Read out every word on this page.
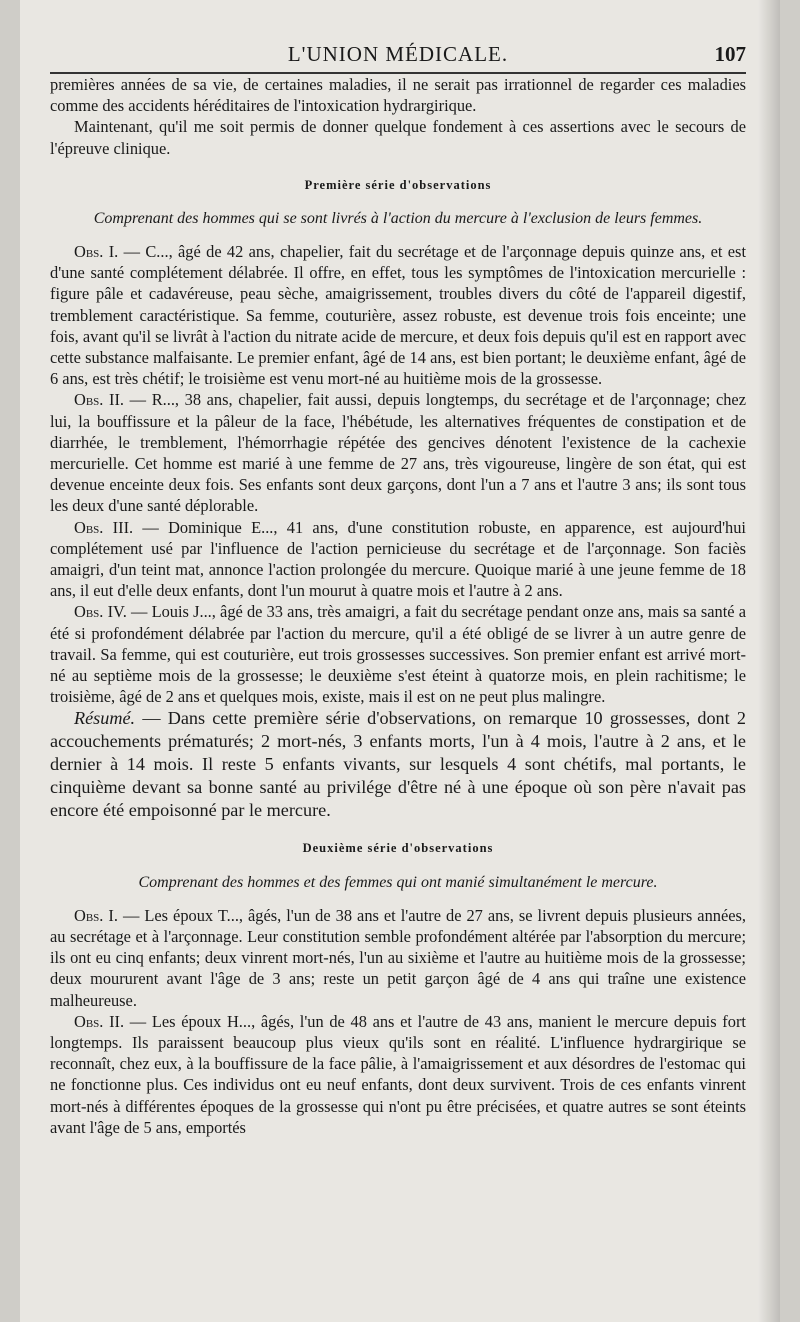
L'UNION MÉDICALE.	107

premières années de sa vie, de certaines maladies, il ne serait pas irrationnel de regarder ces maladies comme des accidents héréditaires de l'intoxication hydrargirique.

Maintenant, qu'il me soit permis de donner quelque fondement à ces assertions avec le secours de l'épreuve clinique.

Première série d'observations
Comprenant des hommes qui se sont livrés à l'action du mercure à l'exclusion de leurs femmes.

Obs. I. — C..., âgé de 42 ans, chapelier, fait du secrétage et de l'arçonnage depuis quinze ans, et est d'une santé complétement délabrée. Il offre, en effet, tous les symptômes de l'intoxication mercurielle : figure pâle et cadavéreuse, peau sèche, amaigrissement, troubles divers du côté de l'appareil digestif, tremblement caractéristique. Sa femme, couturière, assez robuste, est devenue trois fois enceinte; une fois, avant qu'il se livrât à l'action du nitrate acide de mercure, et deux fois depuis qu'il est en rapport avec cette substance malfaisante. Le premier enfant, âgé de 14 ans, est bien portant; le deuxième enfant, âgé de 6 ans, est très chétif; le troisième est venu mort-né au huitième mois de la grossesse.

Obs. II. — R..., 38 ans, chapelier, fait aussi, depuis longtemps, du secrétage et de l'arçonnage; chez lui, la bouffissure et la pâleur de la face, l'hébétude, les alternatives fréquentes de constipation et de diarrhée, le tremblement, l'hémorrhagie répétée des gencives dénotent l'existence de la cachexie mercurielle. Cet homme est marié à une femme de 27 ans, très vigoureuse, lingère de son état, qui est devenue enceinte deux fois. Ses enfants sont deux garçons, dont l'un a 7 ans et l'autre 3 ans; ils sont tous les deux d'une santé déplorable.

Obs. III. — Dominique E..., 41 ans, d'une constitution robuste, en apparence, est aujourd'hui complétement usé par l'influence de l'action pernicieuse du secrétage et de l'arçonnage. Son faciès amaigri, d'un teint mat, annonce l'action prolongée du mercure. Quoique marié à une jeune femme de 18 ans, il eut d'elle deux enfants, dont l'un mourut à quatre mois et l'autre à 2 ans.

Obs. IV. — Louis J..., âgé de 33 ans, très amaigri, a fait du secrétage pendant onze ans, mais sa santé a été si profondément délabrée par l'action du mercure, qu'il a été obligé de se livrer à un autre genre de travail. Sa femme, qui est couturière, eut trois grossesses successives. Son premier enfant est arrivé mort-né au septième mois de la grossesse; le deuxième s'est éteint à quatorze mois, en plein rachitisme; le troisième, âgé de 2 ans et quelques mois, existe, mais il est on ne peut plus malingre.

Résumé. — Dans cette première série d'observations, on remarque 10 grossesses, dont 2 accouchements prématurés; 2 mort-nés, 3 enfants morts, l'un à 4 mois, l'autre à 2 ans, et le dernier à 14 mois. Il reste 5 enfants vivants, sur lesquels 4 sont chétifs, mal portants, le cinquième devant sa bonne santé au privilége d'être né à une époque où son père n'avait pas encore été empoisonné par le mercure.

Deuxième série d'observations
Comprenant des hommes et des femmes qui ont manié simultanément le mercure.

Obs. I. — Les époux T..., âgés, l'un de 38 ans et l'autre de 27 ans, se livrent depuis plusieurs années, au secrétage et à l'arçonnage. Leur constitution semble profondément altérée par l'absorption du mercure; ils ont eu cinq enfants; deux vinrent mort-nés, l'un au sixième et l'autre au huitième mois de la grossesse; deux moururent avant l'âge de 3 ans; reste un petit garçon âgé de 4 ans qui traîne une existence malheureuse.

Obs. II. — Les époux H..., âgés, l'un de 48 ans et l'autre de 43 ans, manient le mercure depuis fort longtemps. Ils paraissent beaucoup plus vieux qu'ils sont en réalité. L'influence hydrargirique se reconnaît, chez eux, à la bouffissure de la face pâlie, à l'amaigrissement et aux désordres de l'estomac qui ne fonctionne plus. Ces individus ont eu neuf enfants, dont deux survivent. Trois de ces enfants vinrent mort-nés à différentes époques de la grossesse qui n'ont pu être précisées, et quatre autres se sont éteints avant l'âge de 5 ans, emportés
